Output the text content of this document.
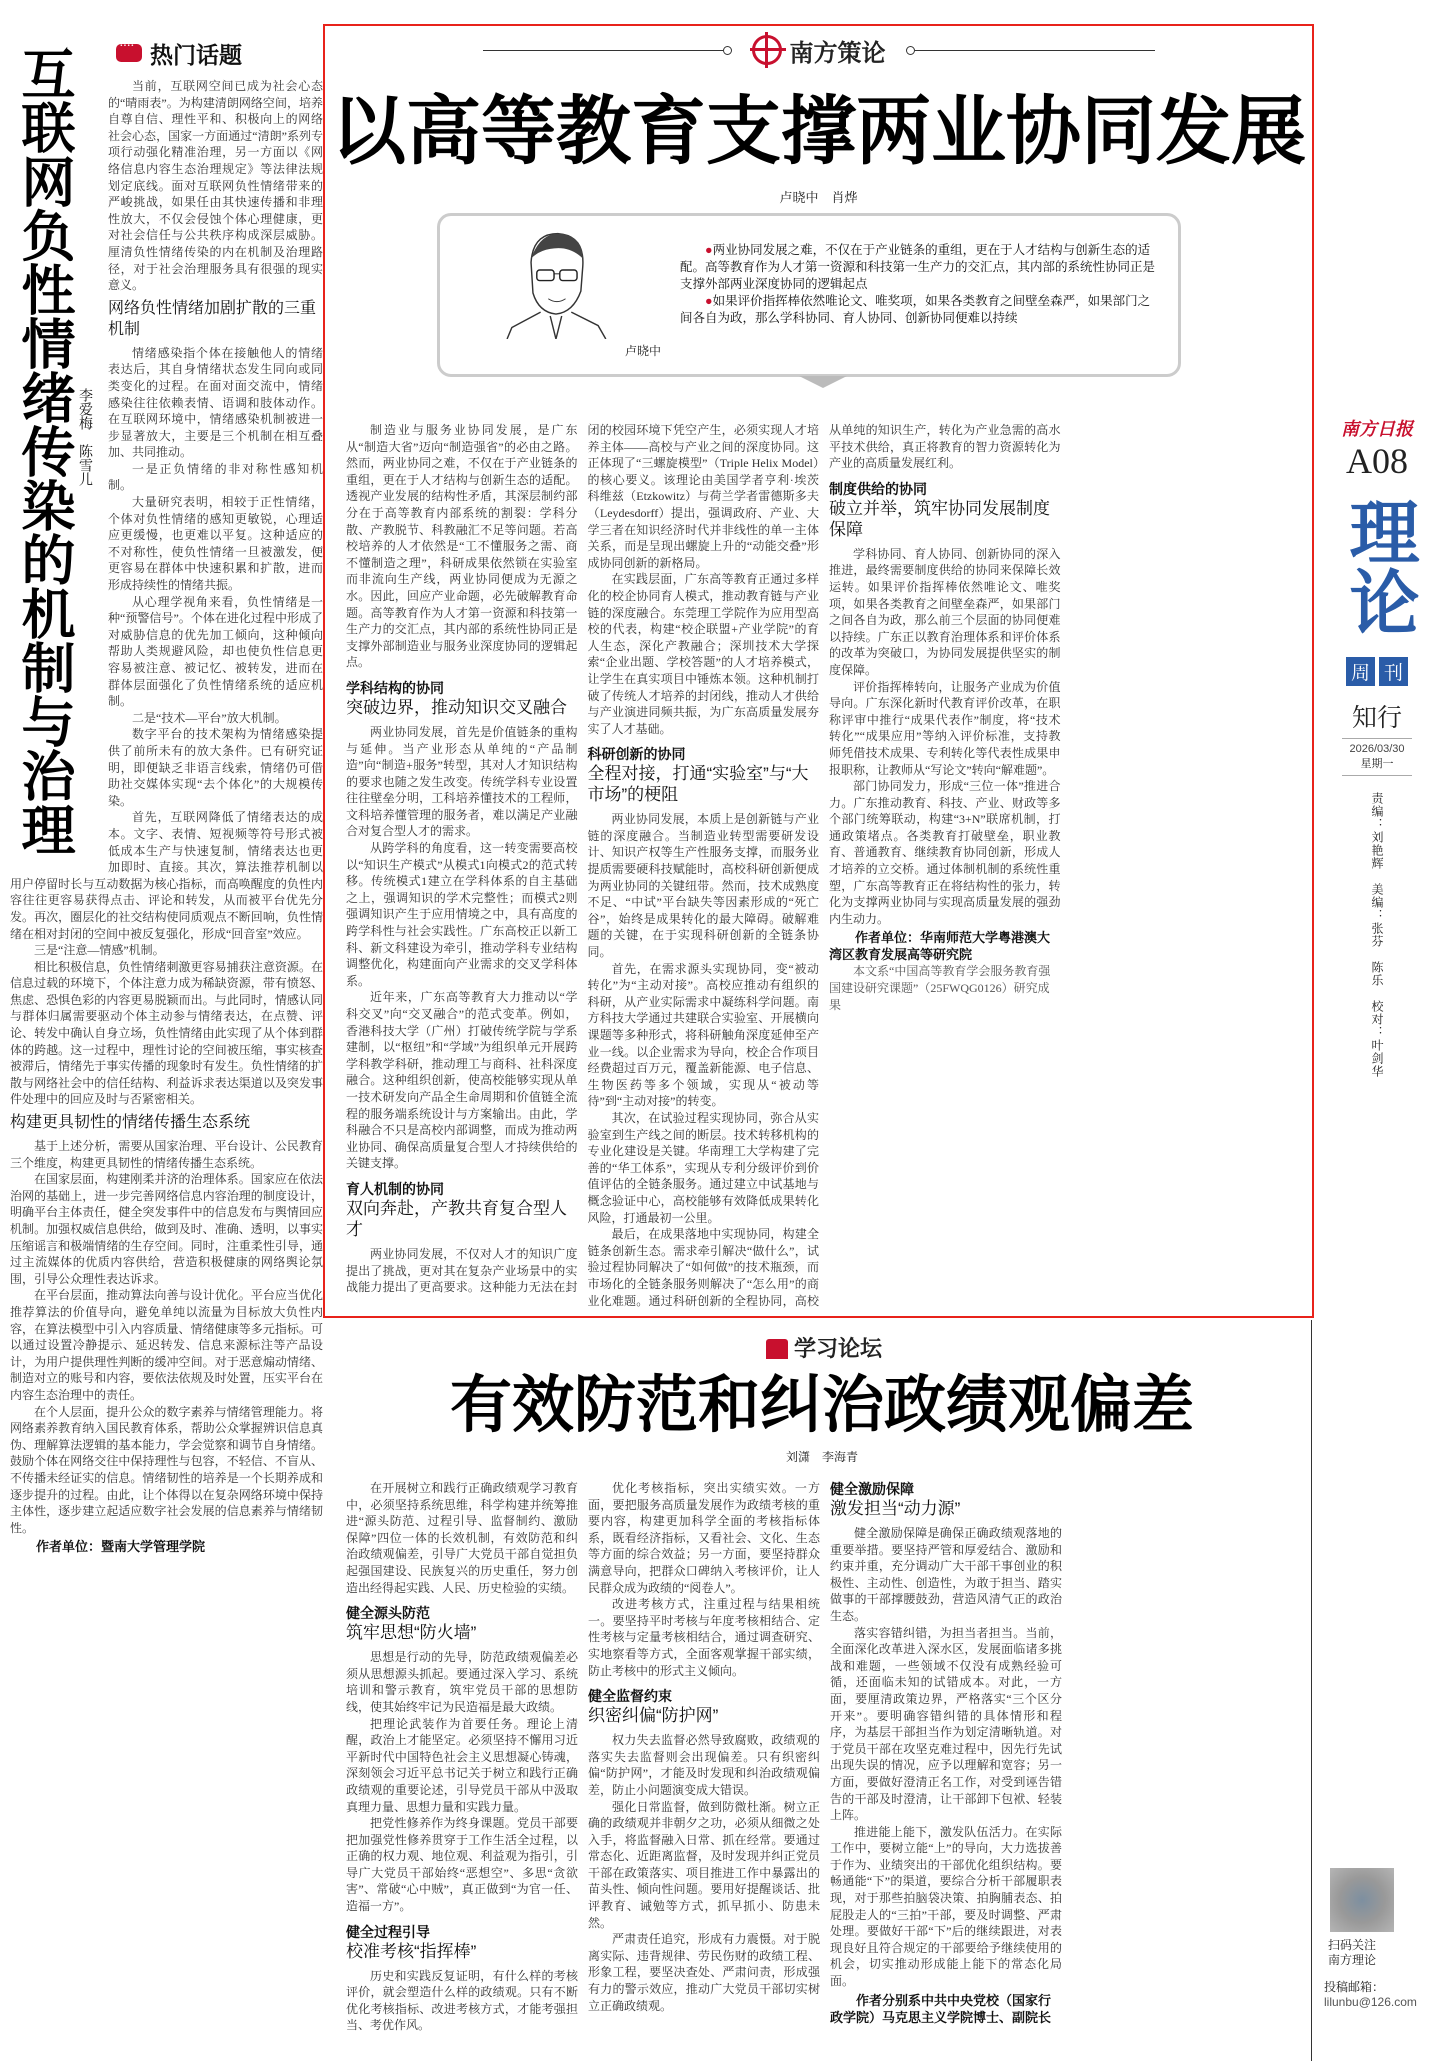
互联网负性情绪传染的机制与治理 李爱梅　陈雪儿
····
热门话题

当前，互联网空间已成为社会心态的“晴雨表”。为构建清朗网络空间，培养自尊自信、理性平和、积极向上的网络社会心态，国家一方面通过“清朗”系列专项行动强化精准治理，另一方面以《网络信息内容生态治理规定》等法律法规划定底线。面对互联网负性情绪带来的严峻挑战，如果任由其快速传播和非理性放大，不仅会侵蚀个体心理健康，更对社会信任与公共秩序构成深层威胁。厘清负性情绪传染的内在机制及治理路径，对于社会治理服务具有很强的现实意义。

网络负性情绪加剧扩散的三重机制

情绪感染指个体在接触他人的情绪表达后，其自身情绪状态发生同向或同类变化的过程。在面对面交流中，情绪感染往往依赖表情、语调和肢体动作。在互联网环境中，情绪感染机制被进一步显著放大，主要是三个机制在相互叠加、共同推动。

一是正负情绪的非对称性感知机制。

大量研究表明，相较于正性情绪，个体对负性情绪的感知更敏锐，心理适应更缓慢，也更难以平复。这种适应的不对称性，使负性情绪一旦被激发，便更容易在群体中快速积累和扩散，进而形成持续性的情绪共振。

从心理学视角来看，负性情绪是一种“预警信号”。个体在进化过程中形成了对威胁信息的优先加工倾向，这种倾向帮助人类规避风险，却也使负性信息更容易被注意、被记忆、被转发，进而在群体层面强化了负性情绪系统的适应机制。

二是“技术—平台”放大机制。

数字平台的技术架构为情绪感染提供了前所未有的放大条件。已有研究证明，即便缺乏非语言线索，情绪仍可借助社交媒体实现“去个体化”的大规模传染。

首先，互联网降低了情绪表达的成本。文字、表情、短视频等符号形式被低成本生产与快速复制，情绪表达也更加即时、直接。其次，算法推荐机制以用户停留时长与互动数据为核心指标，而高唤醒度的负性内容往往更容易获得点击、评论和转发，从而被平台优先分发。再次，圈层化的社交结构使同质观点不断回响，负性情绪在相对封闭的空间中被反复强化，形成“回音室”效应。

三是“注意—情感”机制。

相比积极信息，负性情绪刺激更容易捕获注意资源。在信息过载的环境下，个体注意力成为稀缺资源，带有愤怒、焦虑、恐惧色彩的内容更易脱颖而出。与此同时，情感认同与群体归属需要驱动个体主动参与情绪表达，在点赞、评论、转发中确认自身立场，负性情绪由此实现了从个体到群体的跨越。这一过程中，理性讨论的空间被压缩，事实核查被滞后，情绪先于事实传播的现象时有发生。负性情绪的扩散与网络社会中的信任结构、利益诉求表达渠道以及突发事件处理中的回应及时与否紧密相关。

构建更具韧性的情绪传播生态系统

基于上述分析，需要从国家治理、平台设计、公民教育三个维度，构建更具韧性的情绪传播生态系统。

在国家层面，构建刚柔并济的治理体系。国家应在依法治网的基础上，进一步完善网络信息内容治理的制度设计，明确平台主体责任，健全突发事件中的信息发布与舆情回应机制。加强权威信息供给，做到及时、准确、透明，以事实压缩谣言和极端情绪的生存空间。同时，注重柔性引导，通过主流媒体的优质内容供给，营造积极健康的网络舆论氛围，引导公众理性表达诉求。

在平台层面，推动算法向善与设计优化。平台应当优化推荐算法的价值导向，避免单纯以流量为目标放大负性内容，在算法模型中引入内容质量、情绪健康等多元指标。可以通过设置冷静提示、延迟转发、信息来源标注等产品设计，为用户提供理性判断的缓冲空间。对于恶意煽动情绪、制造对立的账号和内容，要依法依规及时处置，压实平台在内容生态治理中的责任。

在个人层面，提升公众的数字素养与情绪管理能力。将网络素养教育纳入国民教育体系，帮助公众掌握辨识信息真伪、理解算法逻辑的基本能力，学会觉察和调节自身情绪。鼓励个体在网络交往中保持理性与包容，不轻信、不盲从、不传播未经证实的信息。情绪韧性的培养是一个长期养成和逐步提升的过程。由此，让个体得以在复杂网络环境中保持主体性，逐步建立起适应数字社会发展的信息素养与情绪韧性。

作者单位：暨南大学管理学院

南方策论
以高等教育支撑两业协同发展
卢晓中　肖烨
卢晓中

●两业协同发展之难，不仅在于产业链条的重组，更在于人才结构与创新生态的适配。高等教育作为人才第一资源和科技第一生产力的交汇点，其内部的系统性协同正是支撑外部两业深度协同的逻辑起点

●如果评价指挥棒依然唯论文、唯奖项，如果各类教育之间壁垒森严，如果部门之间各自为政，那么学科协同、育人协同、创新协同便难以持续

制造业与服务业协同发展，是广东从“制造大省”迈向“制造强省”的必由之路。然而，两业协同之难，不仅在于产业链条的重组，更在于人才结构与创新生态的适配。透视产业发展的结构性矛盾，其深层制约部分在于高等教育内部系统的割裂：学科分散、产教脱节、科教融汇不足等问题。若高校培养的人才依然是“工不懂服务之需、商不懂制造之理”，科研成果依然锁在实验室而非流向生产线，两业协同便成为无源之水。因此，回应产业命题，必先破解教育命题。高等教育作为人才第一资源和科技第一生产力的交汇点，其内部的系统性协同正是支撑外部制造业与服务业深度协同的逻辑起点。

学科结构的协同
突破边界，推动知识交叉融合

两业协同发展，首先是价值链条的重构与延伸。当产业形态从单纯的“产品制造”向“制造+服务”转型，其对人才知识结构的要求也随之发生改变。传统学科专业设置往往壁垒分明，工科培养懂技术的工程师，文科培养懂管理的服务者，难以满足产业融合对复合型人才的需求。

从跨学科的角度看，这一转变需要高校以“知识生产模式”从模式1向模式2的范式转移。传统模式1建立在学科体系的自主基础之上，强调知识的学术完整性；而模式2则强调知识产生于应用情境之中，具有高度的跨学科性与社会实践性。广东高校正以新工科、新文科建设为牵引，推动学科专业结构调整优化，构建面向产业需求的交叉学科体系。

近年来，广东高等教育大力推动以“学科交叉”向“交叉融合”的范式变革。例如，香港科技大学（广州）打破传统学院与学系建制，以“枢纽”和“学域”为组织单元开展跨学科教学科研，推动理工与商科、社科深度融合。这种组织创新，使高校能够实现从单一技术研发向产品全生命周期和价值链全流程的服务端系统设计与方案输出。由此，学科融合不只是高校内部调整，而成为推动两业协同、确保高质量复合型人才持续供给的关键支撑。

育人机制的协同
双向奔赴，产教共育复合型人才

两业协同发展，不仅对人才的知识广度提出了挑战，更对其在复杂产业场景中的实战能力提出了更高要求。这种能力无法在封闭的校园环境下凭空产生，必须实现人才培养主体——高校与产业之间的深度协同。这正体现了“三螺旋模型”（Triple Helix Model）的核心要义。该理论由美国学者亨利·埃茨科维兹（Etzkowitz）与荷兰学者雷德斯多夫（Leydesdorff）提出，强调政府、产业、大学三者在知识经济时代并非线性的单一主体关系，而是呈现出螺旋上升的“动能交叠”形成协同创新的新格局。

在实践层面，广东高等教育正通过多样化的校企协同育人模式，推动教育链与产业链的深度融合。东莞理工学院作为应用型高校的代表，构建“校企联盟+产业学院”的育人生态，深化产教融合；深圳技术大学探索“企业出题、学校答题”的人才培养模式，让学生在真实项目中锤炼本领。这种机制打破了传统人才培养的封闭线，推动人才供给与产业演进同频共振，为广东高质量发展夯实了人才基础。

科研创新的协同
全程对接，打通“实验室”与“大市场”的梗阻

两业协同发展，本质上是创新链与产业链的深度融合。当制造业转型需要研发设计、知识产权等生产性服务支撑，而服务业提质需要硬科技赋能时，高校科研创新便成为两业协同的关键纽带。然而，技术成熟度不足、“中试”平台缺失等因素形成的“死亡谷”，始终是成果转化的最大障碍。破解难题的关键，在于实现科研创新的全链条协同。

首先，在需求源头实现协同，变“被动转化”为“主动对接”。高校应推动有组织的科研，从产业实际需求中凝练科学问题。南方科技大学通过共建联合实验室、开展横向课题等多种形式，将科研触角深度延伸至产业一线。以企业需求为导向，校企合作项目经费超过百万元，覆盖新能源、电子信息、生物医药等多个领域，实现从“被动等待”到“主动对接”的转变。

其次，在试验过程实现协同，弥合从实验室到生产线之间的断层。技术转移机构的专业化建设是关键。华南理工大学构建了完善的“华工体系”，实现从专利分级评价到价值评估的全链条服务。通过建立中试基地与概念验证中心，高校能够有效降低成果转化风险，打通最初一公里。

最后，在成果落地中实现协同，构建全链条创新生态。需求牵引解决“做什么”，试验过程协同解决了“如何做”的技术瓶颈，而市场化的全链条服务则解决了“怎么用”的商业化难题。通过科研创新的全程协同，高校从单纯的知识生产，转化为产业急需的高水平技术供给，真正将教育的智力资源转化为产业的高质量发展红利。

制度供给的协同
破立并举，筑牢协同发展制度保障

学科协同、育人协同、创新协同的深入推进，最终需要制度供给的协同来保障长效运转。如果评价指挥棒依然唯论文、唯奖项，如果各类教育之间壁垒森严，如果部门之间各自为政，那么前三个层面的协同便难以持续。广东正以教育治理体系和评价体系的改革为突破口，为协同发展提供坚实的制度保障。

评价指挥棒转向，让服务产业成为价值导向。广东深化新时代教育评价改革，在职称评审中推行“成果代表作”制度，将“技术转化”“成果应用”等纳入评价标准，支持教师凭借技术成果、专利转化等代表性成果申报职称，让教师从“写论文”转向“解难题”。

部门协同发力，形成“三位一体”推进合力。广东推动教育、科技、产业、财政等多个部门统筹联动，构建“3+N”联席机制，打通政策堵点。各类教育打破壁垒，职业教育、普通教育、继续教育协同创新，形成人才培养的立交桥。通过体制机制的系统性重塑，广东高等教育正在将结构性的张力，转化为支撑两业协同与实现高质量发展的强劲内生动力。

作者单位：华南师范大学粤港澳大湾区教育发展高等研究院

本文系“中国高等教育学会服务教育强国建设研究课题”（25FWQG0126）研究成果

南方日报
A08
理论
周 刊
知行
2026/03/30
星期一
责编：刘艳辉　美编：张芬　陈乐　校对：叶剑华
学习论坛
有效防范和纠治政绩观偏差
刘潇　李海青

在开展树立和践行正确政绩观学习教育中，必须坚持系统思维，科学构建并统筹推进“源头防范、过程引导、监督制约、激励保障”四位一体的长效机制，有效防范和纠治政绩观偏差，引导广大党员干部自觉担负起强国建设、民族复兴的历史重任，努力创造出经得起实践、人民、历史检验的实绩。

健全源头防范
筑牢思想“防火墙”

思想是行动的先导，防范政绩观偏差必须从思想源头抓起。要通过深入学习、系统培训和警示教育，筑牢党员干部的思想防线，使其始终牢记为民造福是最大政绩。

把理论武装作为首要任务。理论上清醒，政治上才能坚定。必须坚持不懈用习近平新时代中国特色社会主义思想凝心铸魂，深刻领会习近平总书记关于树立和践行正确政绩观的重要论述，引导党员干部从中汲取真理力量、思想力量和实践力量。

把党性修养作为终身课题。党员干部要把加强党性修养贯穿于工作生活全过程，以正确的权力观、地位观、利益观为指引，引导广大党员干部始终“恶想空”、多思“贪欲害”、常破“心中贼”，真正做到“为官一任、造福一方”。

健全过程引导
校准考核“指挥棒”

历史和实践反复证明，有什么样的考核评价，就会塑造什么样的政绩观。只有不断优化考核指标、改进考核方式，才能考强担当、考优作风。

优化考核指标，突出实绩实效。一方面，要把服务高质量发展作为政绩考核的重要内容，构建更加科学全面的考核指标体系，既看经济指标，又看社会、文化、生态等方面的综合效益；另一方面，要坚持群众满意导向，把群众口碑纳入考核评价，让人民群众成为政绩的“阅卷人”。

改进考核方式，注重过程与结果相统一。要坚持平时考核与年度考核相结合、定性考核与定量考核相结合，通过调查研究、实地察看等方式，全面客观掌握干部实绩，防止考核中的形式主义倾向。

健全监督约束
织密纠偏“防护网”

权力失去监督必然导致腐败，政绩观的落实失去监督则会出现偏差。只有织密纠偏“防护网”，才能及时发现和纠治政绩观偏差，防止小问题演变成大错误。

强化日常监督，做到防微杜渐。树立正确的政绩观并非朝夕之功，必须从细微之处入手，将监督融入日常、抓在经常。要通过常态化、近距离监督，及时发现并纠正党员干部在政策落实、项目推进工作中暴露出的苗头性、倾向性问题。要用好提醒谈话、批评教育、诫勉等方式，抓早抓小、防患未然。

严肃责任追究，形成有力震慑。对于脱离实际、违背规律、劳民伤财的政绩工程、形象工程，要坚决查处、严肃问责，形成强有力的警示效应，推动广大党员干部切实树立正确政绩观。

健全激励保障
激发担当“动力源”

健全激励保障是确保正确政绩观落地的重要举措。要坚持严管和厚爱结合、激励和约束并重，充分调动广大干部干事创业的积极性、主动性、创造性，为敢于担当、踏实做事的干部撑腰鼓劲，营造风清气正的政治生态。

落实容错纠错，为担当者担当。当前，全面深化改革进入深水区，发展面临诸多挑战和难题，一些领域不仅没有成熟经验可循，还面临未知的试错成本。对此，一方面，要厘清政策边界，严格落实“三个区分开来”。要明确容错纠错的具体情形和程序，为基层干部担当作为划定清晰轨道。对于党员干部在攻坚克难过程中，因先行先试出现失误的情况，应予以理解和宽容；另一方面，要做好澄清正名工作，对受到诬告错告的干部及时澄清，让干部卸下包袱、轻装上阵。

推进能上能下，激发队伍活力。在实际工作中，要树立能“上”的导向，大力选拔善于作为、业绩突出的干部优化组织结构。要畅通能“下”的渠道，要综合分析干部履职表现，对于那些拍脑袋决策、拍胸脯表态、拍屁股走人的“三拍”干部，要及时调整、严肃处理。要做好干部“下”后的继续跟进，对表现良好且符合规定的干部要给予继续使用的机会，切实推动形成能上能下的常态化局面。

作者分别系中共中央党校（国家行政学院）马克思主义学院博士、副院长

扫码关注
南方理论
投稿邮箱：
lilunbu@126.com
